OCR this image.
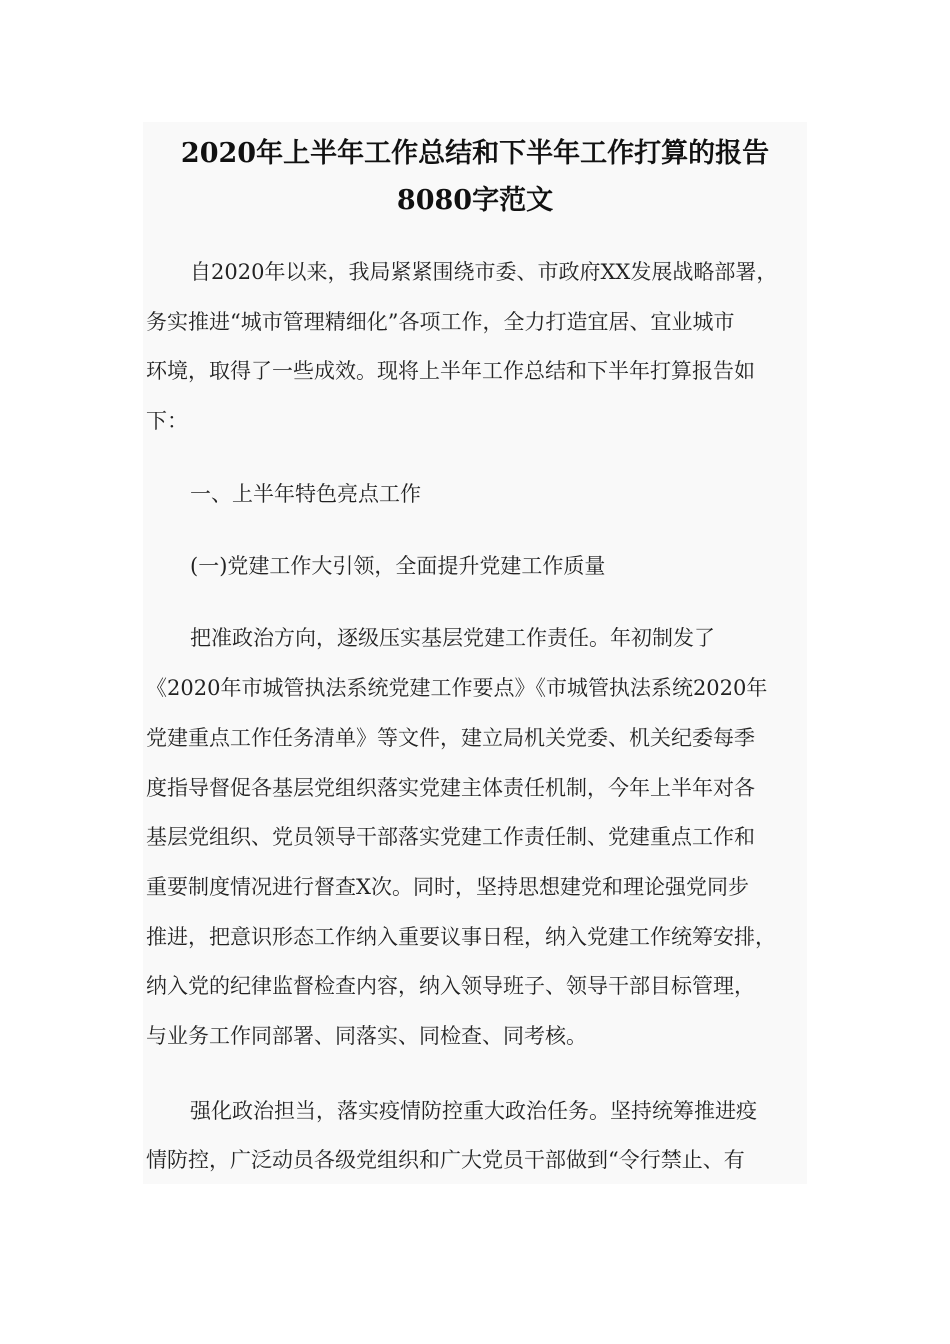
2020年上半年工作总结和下半年工作打算的报告
8080字范文

自2020年以来，我局紧紧围绕市委、市政府XX发展战略部署，

务实推进“城市管理精细化”各项工作，全力打造宜居、宜业城市

环境，取得了一些成效。现将上半年工作总结和下半年打算报告如

下：

一、上半年特色亮点工作

(一)党建工作大引领，全面提升党建工作质量

把准政治方向，逐级压实基层党建工作责任。年初制发了

《2020年市城管执法系统党建工作要点》《市城管执法系统2020年

党建重点工作任务清单》等文件，建立局机关党委、机关纪委每季

度指导督促各基层党组织落实党建主体责任机制，今年上半年对各

基层党组织、党员领导干部落实党建工作责任制、党建重点工作和

重要制度情况进行督查X次。同时，坚持思想建党和理论强党同步

推进，把意识形态工作纳入重要议事日程，纳入党建工作统筹安排，

纳入党的纪律监督检查内容，纳入领导班子、领导干部目标管理，

与业务工作同部署、同落实、同检查、同考核。

强化政治担当，落实疫情防控重大政治任务。坚持统筹推进疫

情防控，广泛动员各级党组织和广大党员干部做到“令行禁止、有
